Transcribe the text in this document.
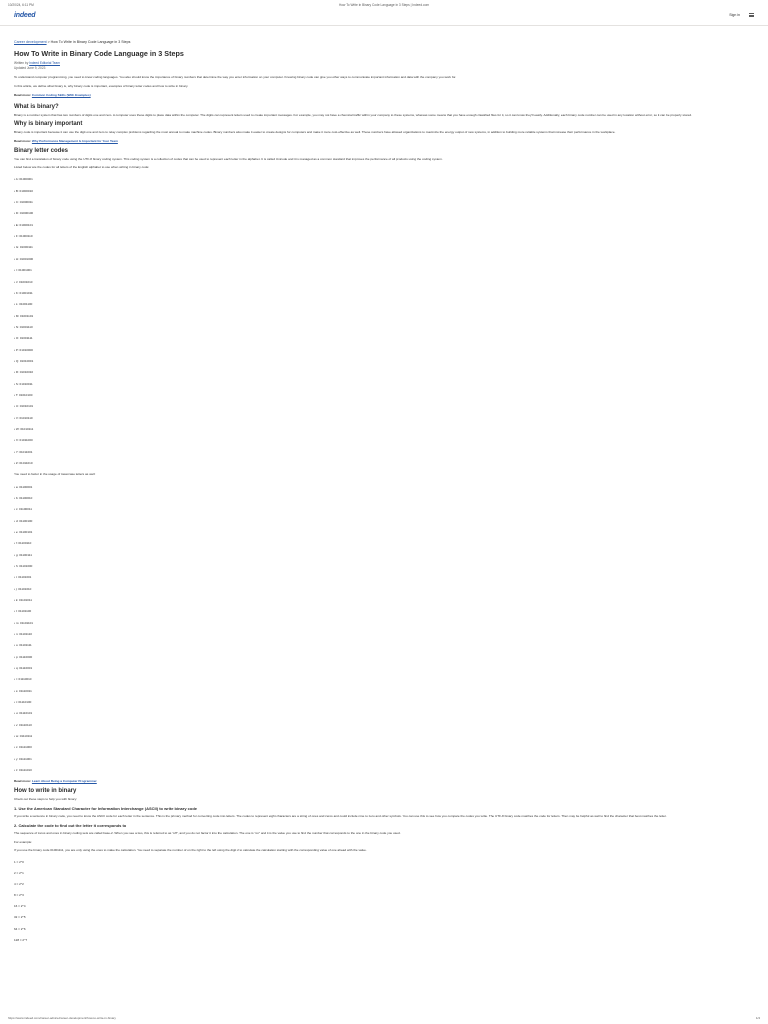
10/20/24, 6:11 PM	How To Write in Binary Code Language in 3 Steps | Indeed.com
indeed	Sign in
Career development > How To Write in Binary Code Language in 3 Steps
How To Write in Binary Code Language in 3 Steps
Written by Indeed Editorial Team
Updated June 9, 2023

To understand computer programming, you need to know coding languages. You also should know the importance of binary numbers that determine the way you enter information on your computer. Knowing binary code can give you other ways to communicate important information and data with the company you work for.

In this article, we define what binary is, why binary code is important, examples of binary letter codes and how to write in binary.

Read more: Common Coding Skills (With Examples)

What is binary?

Binary is a number system that has two numbers of digits one and zero. A computer uses these digits to place data within the computer. The digits can represent letters used to create important messages. For example, you may not have a chemical traffic within your company to these systems, whereas some means that you have enough classified files for it, so it can know they'll easily. Additionally, each binary code number can be used in any location without error, so it can be properly stored.

Why is binary important

Binary code is important because it can use the digit one and zero to relay complex problems regarding the most annual to make machine codes. Binary numbers also make it easier to create designs for computers and make it more cost-effective as well. These numbers have allowed organizations to maximize the energy output of new systems, in addition to building more reliable systems that increase their performance in the workplace.

Read more: Why Performance Management Is Important for Your Team

Binary letter codes

You can find a translation of binary code using the UTF-8 binary coding system. This coding system is a collection of codes that can be used to represent each letter in the alphabet. It is called Unicode and it is managed as a common standard that improves the performance of all products using the coding system.

Listed below are the codes for all letters of the English alphabet to use when writing in binary code:

• A: 01000001
• B: 01000010
• C: 01000011
• D: 01000100
• E: 01000101
• F: 01000110
• G: 01000111
• H: 01001000
• I: 01001001
• J: 01001010
• K: 01001011
• L: 01001100
• M: 01001101
• N: 01001110
• O: 01001111
• P: 01010000
• Q: 01010001
• R: 01010010
• S: 01010011
• T: 01010100
• U: 01010101
• V: 01010110
• W: 01010111
• X: 01011000
• Y: 01011001
• Z: 01011010

You need to factor in the usage of lowercase letters as well:

• a: 01100001
• b: 01100010
• c: 01100011
• d: 01100100
• e: 01100101
• f: 01100110
• g: 01100111
• h: 01101000
• i: 01101001
• j: 01101010
• k: 01101011
• l: 01101100
• m: 01101101
• n: 01101110
• o: 01101111
• p: 01110000
• q: 01110001
• r: 01110010
• s: 01110011
• t: 01110100
• u: 01110101
• v: 01110110
• w: 01110111
• x: 01111000
• y: 01111001
• z: 01111010

Read more: Learn About Being a Computer Programmer

How to write in binary

Check out these steps to help you with binary:

1. Use the American Standard Character for Information Interchange (ASCII) to write binary code

If you write a sentence in binary code, you need to know the ASCII code for each letter in the sentence. This is the primary method for converting code into letters. The codes to represent eight characters are a string of ones and zeros and could include nine to zero and other symbols. You can use this to see how you compare the codes you write. The UTF-8 binary code matches the code for letters. Then may be helpful as well to find the character that best matches the letter.

2. Calculate the code to find out the letter it corresponds to

The sequence of zeros and ones in binary coding sets are called base-2. When you see a two, this is referred to as "off", and you do not factor it into the calculation. The one is "on" and it is the value you use to find the number that corresponds to the one in the binary code you used.

For example:

If you use the binary code 01001111, you are only using the ones to make the calculation. You need to separate the number of on the right to the left using the digit 2 to calculate the calculation starting with the corresponding value of one ahead with the value.

1 = 2^0
2 = 2^1
4 = 2^2
8 = 2^3
16 = 2^4
32 = 2^5
64 = 2^6
128 = 2^7
https://www.indeed.com/career-advice/career-development/how-to-write-in-binary	1/4
